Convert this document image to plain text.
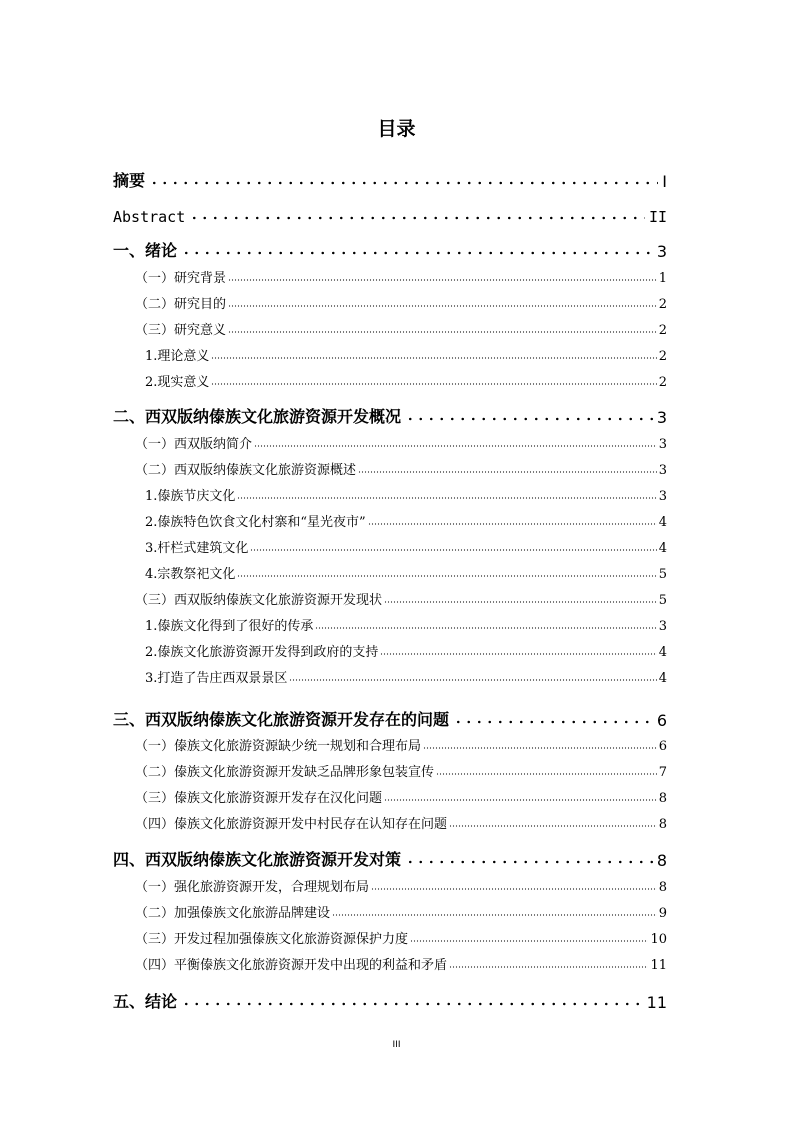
目录
摘要	I
Abstract	II
一、绪论	3
（一）研究背景	1
（二）研究目的	2
（三）研究意义	2
1.理论意义	2
2.现实意义	2
二、西双版纳傣族文化旅游资源开发概况	3
（一）西双版纳简介	3
（二）西双版纳傣族文化旅游资源概述	3
1.傣族节庆文化	3
2.傣族特色饮食文化村寨和“星光夜市”	4
3.杆栏式建筑文化	4
4.宗教祭祀文化	5
（三）西双版纳傣族文化旅游资源开发现状	5
1.傣族文化得到了很好的传承	3
2.傣族文化旅游资源开发得到政府的支持	4
3.打造了告庄西双景景区	4
三、西双版纳傣族文化旅游资源开发存在的问题	6
（一）傣族文化旅游资源缺少统一规划和合理布局	6
（二）傣族文化旅游资源开发缺乏品牌形象包装宣传	7
（三）傣族文化旅游资源开发存在汉化问题	8
（四）傣族文化旅游资源开发中村民存在认知存在问题	8
四、西双版纳傣族文化旅游资源开发对策	8
（一）强化旅游资源开发，合理规划布局	8
（二）加强傣族文化旅游品牌建设	9
（三）开发过程加强傣族文化旅游资源保护力度	10
（四）平衡傣族文化旅游资源开发中出现的利益和矛盾	11
五、结论	11
III
